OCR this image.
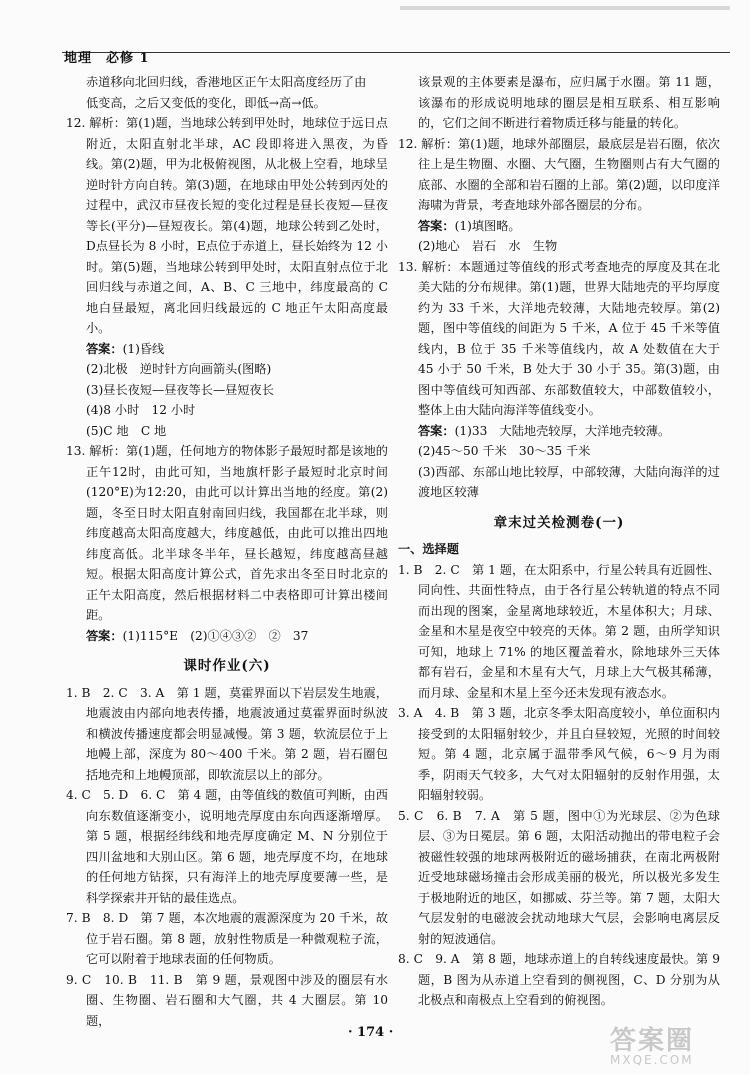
地理　必修 1

赤道移向北回归线，香港地区正午太阳高度经历了由

低变高，之后又变低的变化，即低→高→低。

12. 解析：第(1)题，当地球公转到甲处时，地球位于远日点附近，太阳直射北半球，AC 段即将进入黑夜，为昏线。第(2)题，甲为北极俯视图，从北极上空看，地球呈逆时针方向自转。第(3)题，在地球由甲处公转到丙处的过程中，武汉市昼夜长短的变化过程是昼长夜短—昼夜等长(平分)—昼短夜长。第(4)题，地球公转到乙处时，D点昼长为 8 小时，E点位于赤道上，昼长始终为 12 小时。第(5)题，当地球公转到甲处时，太阳直射点位于北回归线与赤道之间，A、B、C 三地中，纬度最高的 C 地白昼最短，离北回归线最远的 C 地正午太阳高度最小。

答案：(1)昏线

(2)北极　逆时针方向画箭头(图略)

(3)昼长夜短—昼夜等长—昼短夜长

(4)8 小时　12 小时

(5)C 地　C 地

13. 解析：第(1)题，任何地方的物体影子最短时都是该地的正午12时，由此可知，当地旗杆影子最短时北京时间(120°E)为12:20，由此可以计算出当地的经度。第(2)题，冬至日时太阳直射南回归线，我国都在北半球，则纬度越高太阳高度越大，纬度越低，由此可以推出四地纬度高低。北半球冬半年，昼长越短，纬度越高昼越短。根据太阳高度计算公式，首先求出冬至日时北京的正午太阳高度，然后根据材料二中表格即可计算出楼间距。

答案：(1)115°E　(2)①④③②　②　37

课时作业(六)

1. B　2. C　3. A　第 1 题，莫霍界面以下岩层发生地震，地震波由内部向地表传播，地震波通过莫霍界面时纵波和横波传播速度都会明显减慢。第 3 题，软流层位于上地幔上部，深度为 80～400 千米。第 2 题，岩石圈包括地壳和上地幔顶部，即软流层以上的部分。

4. C　5. D　6. C　第 4 题，由等值线的数值可判断，由西向东数值逐渐变小，说明地壳厚度由东向西逐渐增厚。第 5 题，根据经纬线和地壳厚度确定 M、N 分别位于四川盆地和大别山区。第 6 题，地壳厚度不均，在地球的任何地方钻探，只有海洋上的地壳厚度要薄一些，是科学探索井开钻的最佳选点。

7. B　8. D　第 7 题，本次地震的震源深度为 20 千米，故位于岩石圈。第 8 题，放射性物质是一种微观粒子流，它可以附着于地球表面的任何物质。

9. C　10. B　11. B　第 9 题，景观图中涉及的圈层有水圈、生物圈、岩石圈和大气圈，共 4 大圈层。第 10 题，

该景观的主体要素是瀑布，应归属于水圈。第 11 题，该瀑布的形成说明地球的圈层是相互联系、相互影响的，它们之间不断进行着物质迁移与能量的转化。

12. 解析：第(1)题，地球外部圈层，最底层是岩石圈，依次往上是生物圈、水圈、大气圈，生物圈则占有大气圈的底部、水圈的全部和岩石圈的上部。第(2)题，以印度洋海啸为背景，考查地球外部各圈层的分布。

答案：(1)填图略。

(2)地心　岩石　水　生物

13. 解析：本题通过等值线的形式考查地壳的厚度及其在北美大陆的分布规律。第(1)题，世界大陆地壳的平均厚度约为 33 千米，大洋地壳较薄，大陆地壳较厚。第(2)题，图中等值线的间距为 5 千米，A 位于 45 千米等值线内，B 位于 35 千米等值线内，故 A 处数值在大于 45 小于 50 千米，B 处大于 30 小于 35。第(3)题，由图中等值线可知西部、东部数值较大，中部数值较小，整体上由大陆向海洋等值线变小。

答案：(1)33　大陆地壳较厚，大洋地壳较薄。

(2)45～50 千米　30～35 千米

(3)西部、东部山地比较厚，中部较薄，大陆向海洋的过渡地区较薄

章末过关检测卷(一)

一、选择题

1. B　2. C　第 1 题，在太阳系中，行星公转具有近圆性、同向性、共面性特点，由于各行星公转轨道的特点不同而出现的图案，金星离地球较近，木星体积大；月球、金星和木星是夜空中较亮的天体。第 2 题，由所学知识可知，地球上 71% 的地区覆盖着水，除地球外三天体都有岩石，金星和木星有大气，月球上大气极其稀薄，而月球、金星和木星上至今还未发现有液态水。

3. A　4. B　第 3 题，北京冬季太阳高度较小，单位面积内接受到的太阳辐射较少，并且白昼较短，光照的时间较短。第 4 题，北京属于温带季风气候，6～9 月为雨季，阴雨天气较多，大气对太阳辐射的反射作用强，太阳辐射较弱。

5. C　6. B　7. A　第 5 题，图中①为光球层、②为色球层、③为日冕层。第 6 题，太阳活动抛出的带电粒子会被磁性较强的地球两极附近的磁场捕获，在南北两极附近受地球磁场撞击会形成美丽的极光，所以极光多发生于极地附近的地区，如挪威、芬兰等。第 7 题，太阳大气层发射的电磁波会扰动地球大气层，会影响电离层反射的短波通信。

8. C　9. A　第 8 题，地球赤道上的自转线速度最快。第 9 题，B 图为从赤道上空看到的侧视图，C、D 分别为从北极点和南极点上空看到的俯视图。

· 174 ·	答案圈
MXQE.COM
